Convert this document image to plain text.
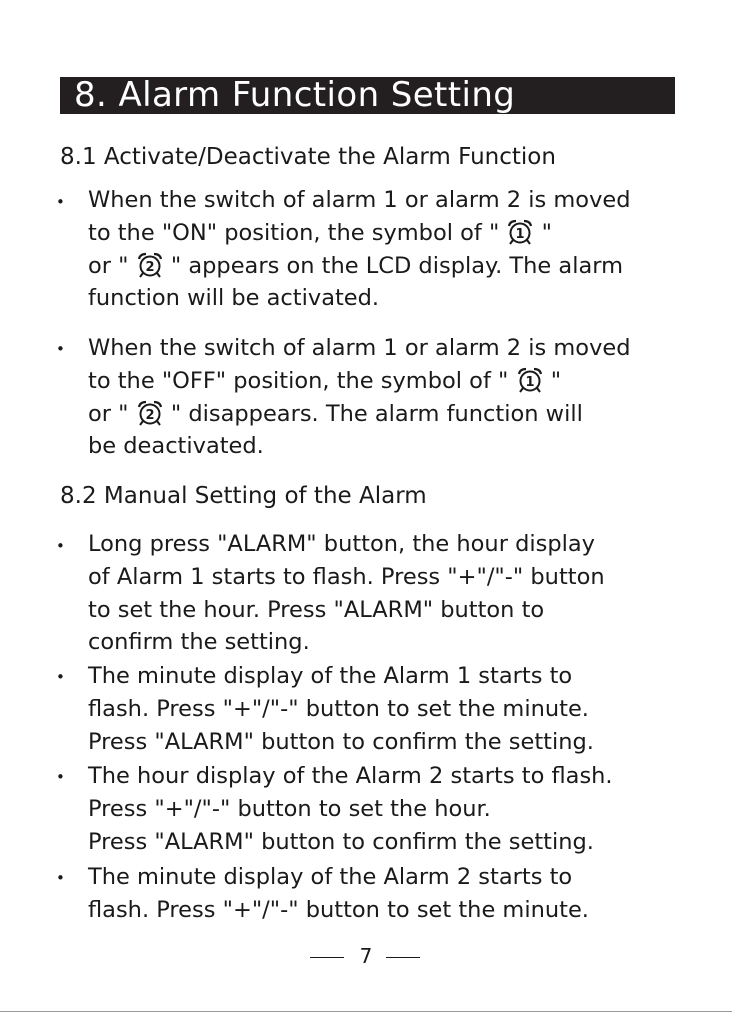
8. Alarm Function Setting
8.1 Activate/Deactivate the Alarm Function
• When the switch of alarm 1 or alarm 2 is moved
to the "ON" position, the symbol of " 1 "
or " 2 " appears on the LCD display. The alarm
function will be activated.
• When the switch of alarm 1 or alarm 2 is moved
to the "OFF" position, the symbol of " 1 "
or " 2 " disappears. The alarm function will
be deactivated.
8.2 Manual Setting of the Alarm
• Long press "ALARM" button, the hour display
of Alarm 1 starts to flash. Press "+"/"-" button
to set the hour. Press "ALARM" button to
confirm the setting.
• The minute display of the Alarm 1 starts to
flash. Press "+"/"-" button to set the minute.
Press "ALARM" button to confirm the setting.
• The hour display of the Alarm 2 starts to flash.
Press "+"/"-" button to set the hour.
Press "ALARM" button to confirm the setting.
• The minute display of the Alarm 2 starts to
flash. Press "+"/"-" button to set the minute.
7
